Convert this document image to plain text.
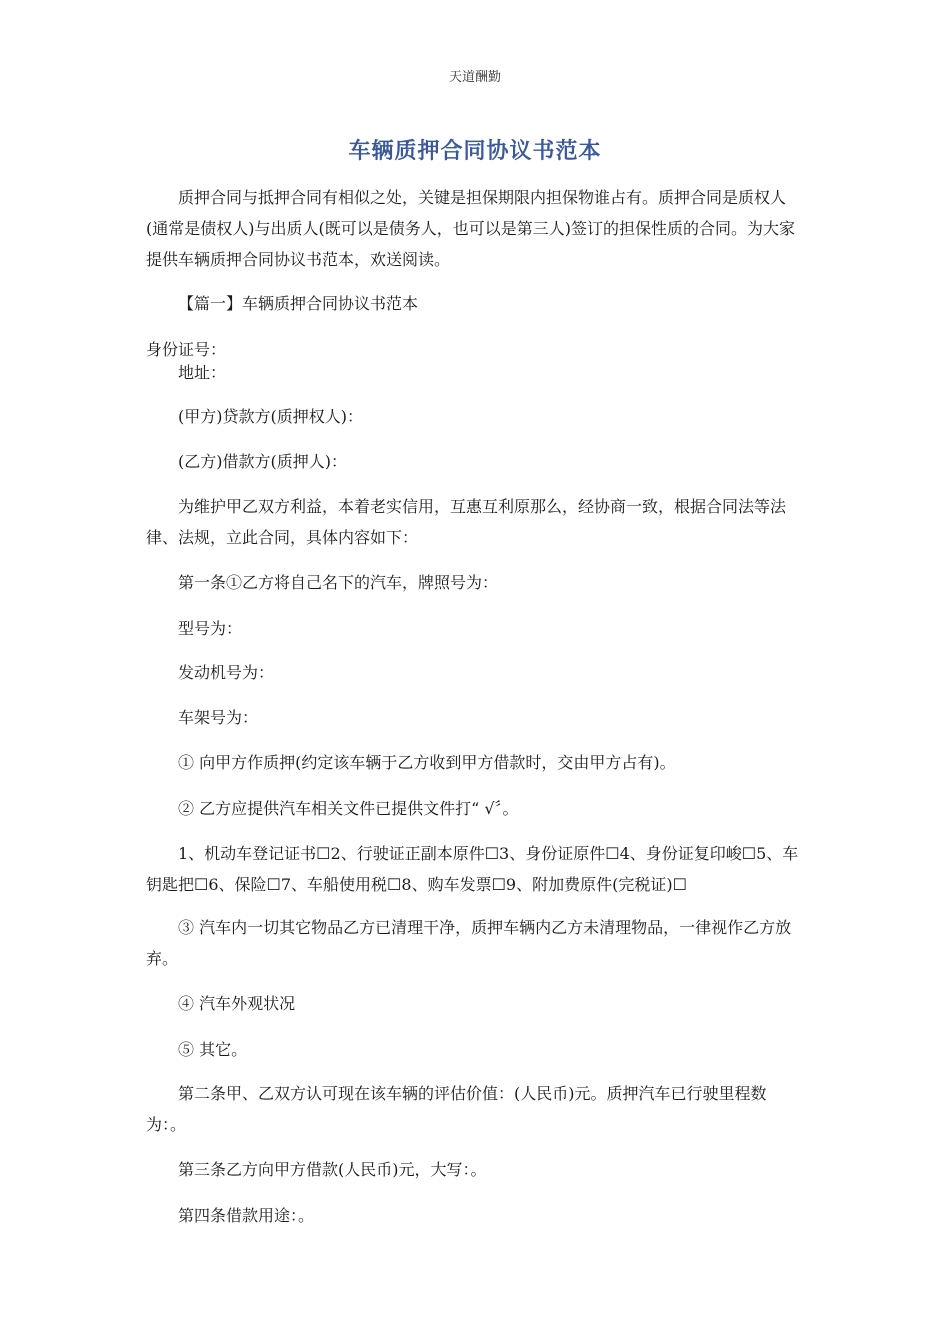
天道酬勤
车辆质押合同协议书范本
质押合同与抵押合同有相似之处，关键是担保期限内担保物谁占有。质押合同是质权人(通常是债权人)与出质人(既可以是债务人，也可以是第三人)签订的担保性质的合同。为大家提供车辆质押合同协议书范本，欢送阅读。
【篇一】车辆质押合同协议书范本
身份证号：
地址：
(甲方)贷款方(质押权人)：
(乙方)借款方(质押人)：
为维护甲乙双方利益，本着老实信用，互惠互利原那么，经协商一致，根据合同法等法律、法规，立此合同，具体内容如下：
第一条①乙方将自己名下的汽车，牌照号为：
型号为：
发动机号为：
车架号为：
① 向甲方作质押(约定该车辆于乙方收到甲方借款时，交由甲方占有)。
② 乙方应提供汽车相关文件已提供文件打“ √〞。
1、机动车登记证书☐2、行驶证正副本原件☐3、身份证原件☐4、身份证复印峻☐5、车钥匙把☐6、保险☐7、车船使用税☐8、购车发票☐9、附加费原件(完税证)☐
③ 汽车内一切其它物品乙方已清理干净，质押车辆内乙方未清理物品，一律视作乙方放弃。
④ 汽车外观状况
⑤ 其它。
第二条甲、乙双方认可现在该车辆的评估价值：(人民币)元。质押汽车已行驶里程数为：。
第三条乙方向甲方借款(人民币)元，大写：。
第四条借款用途：。
